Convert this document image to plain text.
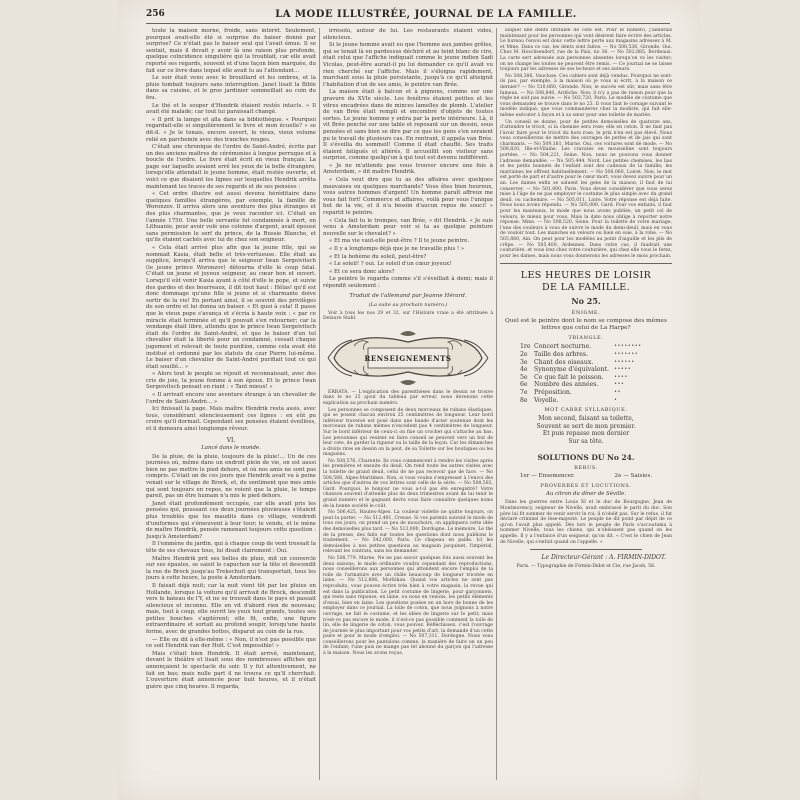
256	LA MODE ILLUSTRÉE, JOURNAL DE LA FAMILLE.

toute la maison morne, froide, sans intérêt. Seulement, pourquoi avait-elle été si surprise du baiser donné par surprise? Ce n'était pas le baiser seul qui l'avait émue. Il se sentait, mais il devait y avoir là une raison plus profonde, quelque coïncidence singulière qui la troublait, car elle avait reporté ses regards, souvent et d'une façon bien marquée, du fait sur ce livre dans lequel elle avait lu au l'attendant...

Le soir était venu avec le brouillard et les ombres, et la pluie tombait toujours sans interruption. Janet lisait la Bible dans sa cuisine, et le gros jardinier sommeillait au coin du feu.

Le thé et le souper d'Hendrik étaient restés intacts. « Il avait été malade; car tout lui paraissait changé.

« Il prit la lampe et alla dans sa bibliothèque. « Pourquoi regardait-elle si singulièrement le livre et mon écuelle? » se dit-il. « Je le tenais, encore ouvert, le vieux, vieux volume relié en parchemin avec des tranches rouges.

C'était une chronique de l'ordre de Saint-André, écrite par un des anciens maîtres de cérémonies à longue perruque et à boucle de l'ordre. Le livre était écrit en vieux français. La page sur laquelle avaient erré les yeux de la belle étrangère, lorsqu'elle attendait le jeune homme, était restée ouverte, et voici ce que disaient les lignes sur lesquelles Hendrik arrêta maintenant les traces de ses regards et de ses pensées :

« Cet ordre illustre est aussi devenu héréditaire dans quelques familles étrangères, par exemple, la famille de Woronzov. Il arriva alors une aventure des plus étranges et des plus charmantes, que je veux raconter ici. C'était en l'année 1750. Une belle servante fut condamnée à mort, en Lithuanie, pour avoir volé une colonne d'argent, avait épousé sans permission le serf du prince, de la Russie Blanche, et qu'ils étaient cachés avec lui de chez son seigneur.

« Cela était arrivé plus afin que la jeune fille, qui se nommait Kasia, était belle et très-vertueuse. Elle était au supplice, lorsqu'il arriva que le seigneur Iwan Sergeivitsch (le jeune prince Woronzov) détourna d'elle le coup fatal. C'était un jeune et joyeux seigneur, au cœur bon et ouvert. Lorsqu'il eût venir Kasia ayant à côté d'elle le pope, et suivie des gardes et des bourreaux, il dit tout haut : Hélas! qu'il est donc dommage qu'une fille si jeune et si charmante doive sortir de la vie! En portant ainsi, il se souvint des privilèges de son ordre et lui donna un baiser. « Et quoi à cela! Il passe que le vieux pope s'avança et s'écria à haute voix : « par ce miracle était terminée et qu'il pouvait s'en retourner; car la vendange était libre, attendu que le prince Iwan Sergeivitsch était de l'ordre de Saint-André, et que le baiser d'un tel chevalier était la liberté pour un condamné, cessait chaque jugement et relevait de toute punition, comme cela avait été institué et ordonné par les statuts du czar Pierre lui-même. Le baiser d'un chevalier de Saint-André purifiait tout ce qui était souillé... »

« Alors tout le peuple se réjouit et reconnaissait, avec des cris de joie, la jeune femme à son époux. Et le prince Iwan Sergeivitsch pensait en riant : « Tant mieux! »

« Il arrivait encore une aventure étrange à un chevalier de l'ordre de Saint-André... »

Ici finissait la page. Mais maître Hendrik resta assis, avec tous, considérant silencieusement ces lignes : en eût pu croire qu'il dormait. Cependant ses pensées étaient éveillées, et il demeura ainsi longtemps rêveur.

VI.
Lancé dans le monde.

De la pluie, de la pluie, toujours de la pluie!... Un de ces journées où, même dans un endroit plein de vie, on est aussi bien ne pas mettre le pied dehors, et où nos amis ne sont pas compris. C'était un de ces jours que Hendrik avait vu à peine venait sur le village de Brock, et, du sentiment que mes amis qui sont toujours en repos, ne voient que la pluie, le temps pareil, pas un être humain n'a mis le pied dehors.

Janet était profondément occupée, car elle avait pris les pensées qui, poussant ces deux journées pluvieuses s'étaient plus troublés que les maudits dans ce village, vendredi d'uniformes qui s'émeuvent à leur tour; le vendu, et le mène de maître Hendrik, pensée ramenant toujours cette question : Jusqu'à Amsterdam?

Il l'emmène du jardin, qui à chaque coup de vent tressait la tête de ses chevaux tous, lui disait clairement : Oui.

Maître Hendrik prit ses belles de pluie, mit un couvercle sur ses épaules, se saisit le capuchon sur la tête et descendit la rue de Brock jusqu'au Trekschuit qui transportait, tous les jours à cette heure, la poste à Amsterdam.

Il faisait déjà nuit; car la nuit vient tôt par les pluies en Hollande, lorsque la voiture qu'il arrivait de Brock, descendit vers le bateau de l'Y, et ne se trouvait dans le pays et passait silencieux et inconnu. Elle en vit d'abord rien de nouveau; mais, tout à coup, elle ouvrit les yeux tout grands, toutes ses petites bouches s'agitèrent; elle fit, enfin, une figure extraordinaire et sortait au profond soupir, lorsqu'une haute forme, avec de grandes bottes, disparut au coin de la rue.

— Elle ou dit à elle-même : « Non, il n'est pas possible que ce soit Hendrik van der Holt. C'est impossible! »

Mais c'était bien Hendrik. Il était arrivé, maintenant, devant le théâtre et lisait sous des nombreuses affiches qui annonçaient le spectacle du soir. Il y fut attentivement, ne fait en bas; mais nulle part il ne trouva ce qu'il cherchait. L'ouverture était annoncée pour huit heures, et il n'était guère que cinq heures. Il regarda,

irrésolu, autour de lui. Les restaurants étaient vides, silencieux.

Si le jeune homme avait eu que l'homme aux jambes grêles, qui se tenait là en pardessus déchiré et au teint blanc de cire, était celui que l'affiche indiquait comme le jeune indien Sadi Vicolas, peut-être aurait-il pu lui demander ce qu'il avait vu rien cherché sur l'affiche. Mais il s'éloigna rapidement, marchant sous la pluie persistante, jusqu'à ce qu'il atteignit l'habitation d'un de ses amis, le peintre van Brée.

La maison était à balcon et à pignons, comme sur une gravure du XVIe siècle. Les fenêtres étaient petites et les vitres encadrées dans de minces lamelles de plomb. L'atelier de van Brée était rempli et encombré d'objets de toutes sortes. Le jeune homme y entra par la porte intérieure. Là, il vit Brée penché sur une table et reposant sur un dessin, sous pensées et sans bien se dire par ce que les gens s'en seraient pu le travail de plusieurs cas. En rentrant, il appela van Brée. Il s'éveilla du sommeil! Comme il était chauffé. Ses traits étaient fatigués et altérés. Il accueillit son visiteur sans surprise, comme quelqu'un à qui tout est devenu indifférent.

« Je ne m'attends pas vous trouver encore une fois à Amsterdam, » dit maître Hendrik.

« Cela veut dire que tu as des affaires avec quelques mauvaises ou quelques marchands? Vous êtes bien heureux, vous autres hommes d'argent! Un homme paraît affreux me vous fait fort! Commerce et affaires, voilà pour vous l'unique but de la vie, et il n'a besoin d'aucun repos de souci! » repartit le peintre.

« Cela fait tu le trompes, van Brée, » dit Hendrik. « Je suis venu à Amsterdam pour voir si ta as quelque peinture nouvelle sur le chevalet? »

« Et ma vie vaut-elle peut-être ? Il te jeune peintre.

« Il y a longtemps déjà que je ne travaille plus ! »

« Et la bohème du soleil, peut-être?

« Le soleil! ? oui. Le soleil d'un cœur joyeux!

« Et ce sera donc alors?

Le peintre le regarda comme s'il s'éveillait à demi; mais il répondit seulement :

Traduit de l'allemand par Jeanne Hérard.
(La suite au prochain numéro.)
Voir à tous les nos 29 et 32, sur l'Histoire vraie a été attribuée à Delaure Stahl.
RENSEIGNEMENTS

ERRATA. — L'explication des parenthèses dans le dessin se trouve dans le no 25 ajout du tableau par erreur, nous devenons cette explication au prochain numéro.

Les personnes se composent de deux morceaux de rubans élastiques, qui se posent chacun environ 25 centimètres de longueur. Leur bord inférieur traversé est posé dans une bande d'acier soutenue dont les morceaux de rubans mêmes n'excèdent pas 4 centimètres de longueur. Sur le bord inférieur de ceux-ci on fixe un crochet qui s'attache au bas. Les personnes qui veulent en faire conseil se peuvent vers un but de leur cote, de garder la rigueur ou la taille de la leçon. Car les dimanches a droits rires en dessin on la peut, de sa Toilette sur les boutiques ou les magasins.

No 508,576, Charente. Ils vous commencent à rendre les visites après les premières et ensuite du deuil. On rend toute les autres visites avec la toilette de grand deuil, celui de ne pas recevoir que de face. — No 508,588, Alpes-Maritimes. Non, si vous voulez s'empresser à l'envoi des articles que d'autres de vos lettres sont celle de la série. — No 508,583, Gard. Pourquoi, le bonjour ne vous a-t-il pas été enregistré? Votre chanson souvent d'attende plus de deux trimestres avant de lui tenir le grand numéro et le gagnant devra vous faire connaître quelques noms de la bonne société le coût.

No 506,425, Hautes-Alpes. La couleur violette ne quitte toujours, on peut la porter. — No 512,491, Creuse. Si vos parents suivent le mode de tous ces jours, on prend un peu de mouchoirs, on appliquera cette idée des demoiselles plus tard. — No 513,000, Dordogne. Le mémoire, Le thé de la presse, des faits sur toutes les questions dont nous publions le traitement. — No 542,000, Paris. Ce chapeau en paille. Ici les demoiselles à nos petites questions au magasin jacquinet, l'impérial, relevant les contrats, sans les demander.

No 508,779, Marne. Ne ne pas savoir quelques fois aussi souvent les deux saisons; le mode ordinaire voudra cependant des reproductions, nous conseillerons aux personnes qui attendent encore l'emploi de la toile de l'armature avec un châle beaucoup de longueur tricotée en laine. — No 512,806, Morbihan. Quand vos articles ne sont pas reproduits, vous pouvez écrire très bien à votre magasin, la revue qui est dans la publication. Le petit costume de lingerie, pour garçonnets, qui reste sans réponse, en laine, ou nous en venons, les petits éléments d'essai, bien en laine. Les questions posées en un hors de bonne de les employer dans ce journal. La toile de coton, que nous joignons à notre ouvrage, ne fait le costume, et les idées de lingerie sur le petit; mais n'est-ce pas encore le mode, il n'est-ce pas possible comment la toile de lin, elle de lingerie de coton, vous pouvez. Réfléchissez, c'est l'ouvrage de journée le plus important pour vos petits d'art, la demande d'un cette paire et pour le mode d'emploi. — No 507,311, Dordogne. Nous vous conseillerons pour les pantalons comme, la manière de faire un un peu de l'enfant; l'une puis ne mange pas tel abonné du garçon qui l'adresse à la maison. Nous les avons reçus.

auquel une dents intitulée de côté est. Pour le numéro, j'aimerais maintenant pour les personnes qui vont désirent faire écrire des articles. Le bureau l'envoi est donc cette lettre porte aux magasins adressez à M. et Mme. Dans ce cas, les dents sont faites. — No 508,536, Gironde. Oui. Chez M. Hoschsendorf, rue de la Paix, no 36. — No 502,885, Bordeaux. La carte sert adressée aux personnes absentes lorsqu'on va les visiter; on ne change les toutes ne peuvent être remis. — Ce journal ne se laisse toujours par les adresses de ses lecteurs et ses auteurs.

No 508,386, Vaucluse. Ces cahiers sont déjà vendus. Pourquoi ne sont-ils pas, par exemple, à la maison où je vous ai écrit, à la maison ce dernier? — No 510,860, Gironde. Non; le succès est sûr, mais sans être fameux. — No 508,840, Ardèche. Non; il n'y a pas de raison pour que la règle ne soit pas suivie. — No 503,720, Paris. Le modèle de costume que vous demandez se trouve dans le no 23. Il vous faut le corsage suivant le modèle indiqué, que vous commanderez chez la modiste, qui fait elle-même exécuter à façon et à sa sœur pour une toilette de mariée.

Un conseil se donne, pour de petites demoiselles de quatorze ans, d'attendre le tricot, si la chemise sera rose; elle en coton. Il ne faut pas l'avoir faire pour le tricot du hors rose, le prix n'en est pas élevé. Nous vous conseillerons de mettre des ouvrages de perles et de jais qui sont charmants. — No 509,181, Marne. Oui, ces voitures sont de mode. — No 508,820, Ille-et-Vilaine. Les cravates en mousseline sont toujours portées. — No 504,221, Seine. Non, nous ne pouvons vous donner l'adresse demandée. — No 505,444, Nord. Les petites chemises, les bas et les petits bonnets de l'enfant sont des cadeaux de la famille; les marraines les offrent habituellement. — No 506,060, Loiret. Non, le mot est porté de part et d'autre pour le cœur mort, vous devez suivre pour un an. Les dames enfin se saluent les gens de la maison, il faut de lui conserver. — No 501,000, Paris. Vous devez considérer que vous serez mise à l'âge de ne pas employer le costume le plus simple avec du grand deuil, ou cachemire. — No 505,011, Loire. Votre réponse est déjà faite. Nous nous avons répondu. — No 505,000, Gard. Pour vos enfants, il faut pour les manteaux, le mode que nous avons publiée, un petit col de velours, le mieux pour vous. Mais la date nous oblige à reporter notre réponse. Mme. — No 508,520, Seine. Pour la toilette de votre mariage, l'une des couleurs à vous de suivre le mode du demi-deuil, mais en vous de vouloir tout. Les manches en velours ou bien en soie, à la robe. — No 505,880, Ain. On peut pour les modèles au point d'aiguille et les plis de crêpe. — No 505,400, Ardennes. Dans votre cas, il faudrait une couturière, et vous irez chez votre couturière, qui chez elle vous le ferez, pour les dames, mais nous vous donnerons les adresses le mois prochain.

LES HEURES DE LOISIR
DE LA FAMILLE.
No 25.
ÉNIGME.
Quel est le peintre dont le nom se compose des mêmes lettres que celui de La Harpe?
TRIANGLE.
1re Concert nocturne.	••••••••
2e	Taille des arbres.	•••••••
3e	Chant des oiseaux.	••••••
4e	Synonyme d'équivalent.	•••••
5e	Ce que fait le poisson.	••••
6e	Nombre des années.	•••
7e	Préposition.	••
8e	Voyelle.	•
MOT CARRÉ SYLLABIQUE.
Mon second, faisant sa toilette,
Souvent se sert de mon premier.
Et puis repasse mon dernier
Sur sa tête.
SOLUTIONS DU No 24.
REBUS.
1er — Ensemencer.	2e — Saisies.
PROVERBES ET LOCUTIONS.
Au citron du dîner de Séville.
Dans les guerres entre Louis XI et le duc de Bourgogne, Jean de Montmorency, seigneur de Nivelle, avait embrassé le parti du duc. Son père lui fit sommer de venir servir le roi; il n'obéit pas. Sur le refus, il fut déclaré criminel de lèse-majesté. Le peuple ne dit point par dépit de ce qu'on l'avait plus appelé. Dès lors le peuple de Paris s'accoutuma à nommer Nivelle, tous les chiens, qui n'obéissent pas quand on les appelle. Il y a l'enfance d'un seigneur, qu'on dit. « C'est le chien de Jean de Nivelle, qui s'enfuit quand on l'appelle. »
Le Directeur-Gérant : A. FIRMIN-DIDOT.
Paris. — Typographie de Firmin-Didot et Cie, rue Jacob, 56.
